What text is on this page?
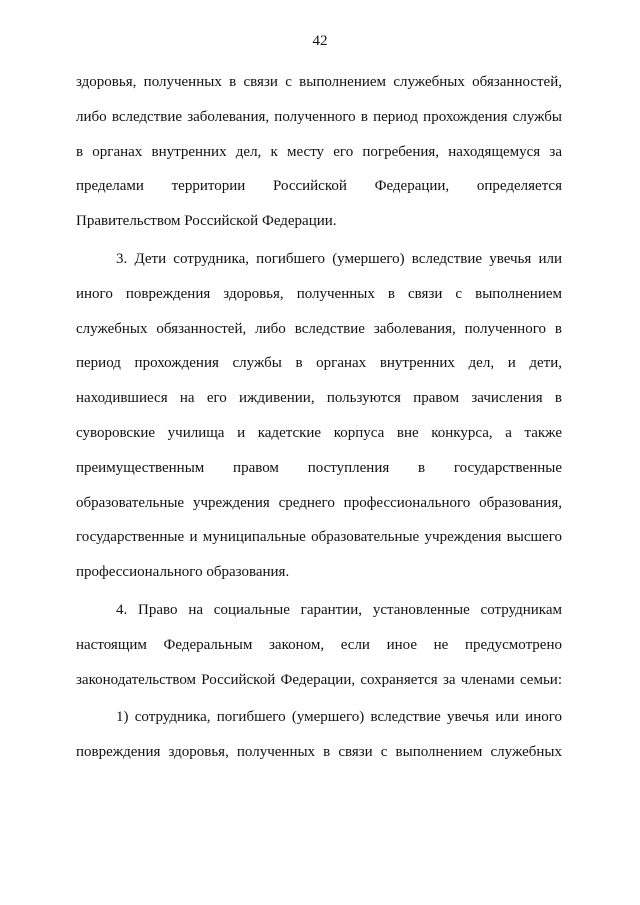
42
здоровья, полученных в связи с выполнением служебных обязанностей,
либо вследствие заболевания, полученного в период прохождения службы
в органах внутренних дел, к месту его погребения, находящемуся за
пределами территории Российской Федерации, определяется
Правительством Российской Федерации.
3. Дети сотрудника, погибшего (умершего) вследствие увечья или
иного повреждения здоровья, полученных в связи с выполнением
служебных обязанностей, либо вследствие заболевания, полученного в
период прохождения службы в органах внутренних дел, и дети,
находившиеся на его иждивении, пользуются правом зачисления в
суворовские училища и кадетские корпуса вне конкурса, а также
преимущественным правом поступления в государственные
образовательные учреждения среднего профессионального образования,
государственные и муниципальные образовательные учреждения высшего
профессионального образования.
4. Право на социальные гарантии, установленные сотрудникам
настоящим Федеральным законом, если иное не предусмотрено
законодательством Российской Федерации, сохраняется за членами семьи:
1) сотрудника, погибшего (умершего) вследствие увечья или иного
повреждения здоровья, полученных в связи с выполнением служебных
